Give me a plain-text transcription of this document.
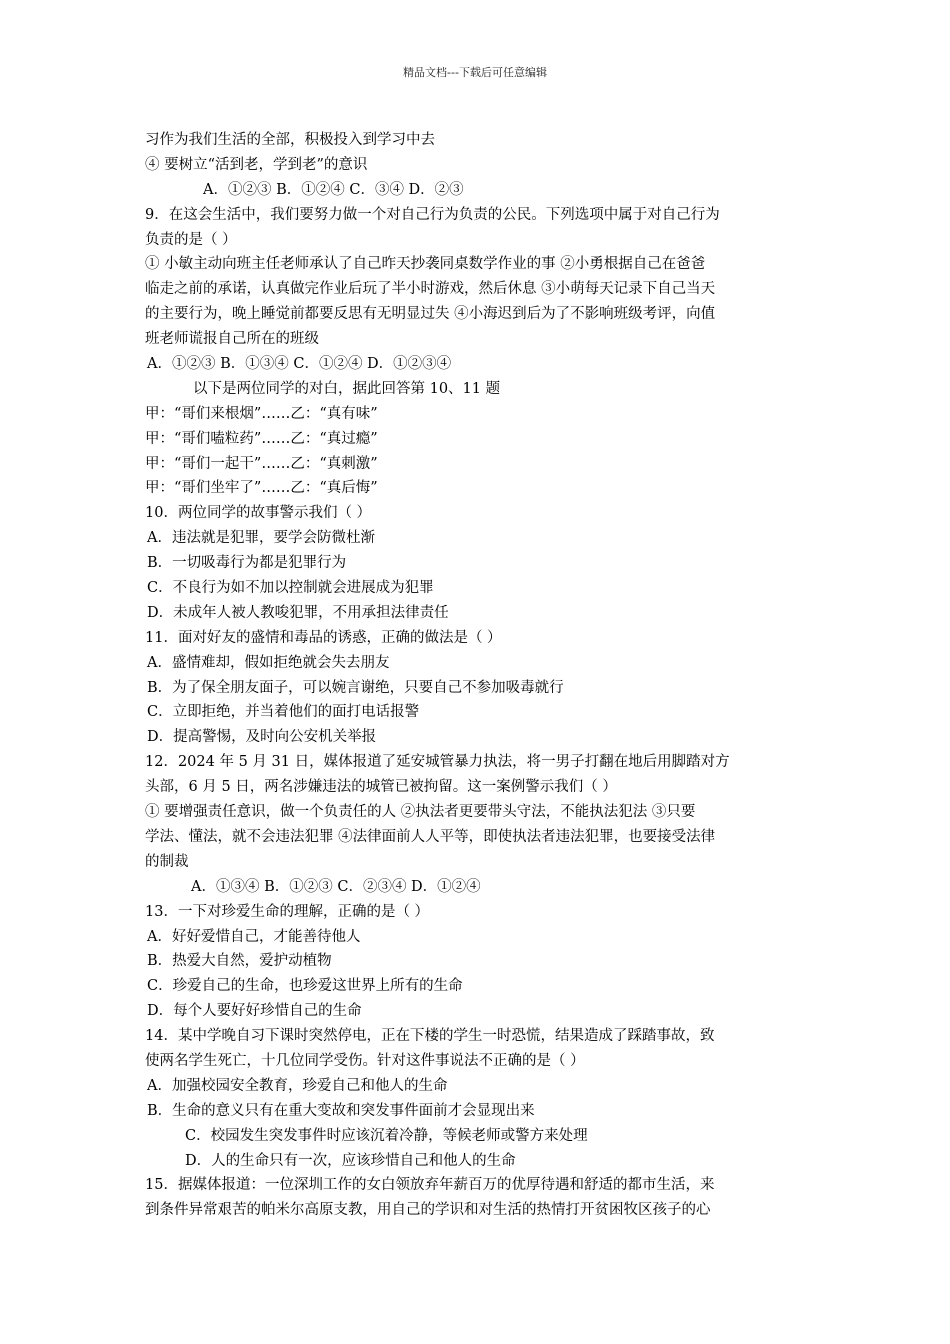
精品文档---下载后可任意编辑
习作为我们生活的全部，积极投入到学习中去
④ 要树立“活到老，学到老”的意识
A．①②③ B．①②④ C．③④ D．②③
9．在这会生活中，我们要努力做一个对自己行为负责的公民。下列选项中属于对自己行为
负责的是（ ）
① 小敏主动向班主任老师承认了自己昨天抄袭同桌数学作业的事 ②小勇根据自己在爸爸
临走之前的承诺，认真做完作业后玩了半小时游戏，然后休息 ③小萌每天记录下自己当天
的主要行为，晚上睡觉前都要反思有无明显过失 ④小海迟到后为了不影响班级考评，向值
班老师谎报自己所在的班级
A．①②③ B．①③④ C．①②④ D．①②③④
以下是两位同学的对白，据此回答第 10、11 题
甲：“哥们来根烟”……乙：“真有味”
甲：“哥们嗑粒药”……乙：“真过瘾”
甲：“哥们一起干”……乙：“真刺激”
甲：“哥们坐牢了”……乙：“真后悔”
10．两位同学的故事警示我们（ ）
A．违法就是犯罪，要学会防微杜渐
B．一切吸毒行为都是犯罪行为
C．不良行为如不加以控制就会进展成为犯罪
D．未成年人被人教唆犯罪，不用承担法律责任
11．面对好友的盛情和毒品的诱惑，正确的做法是（ ）
A．盛情难却，假如拒绝就会失去朋友
B．为了保全朋友面子，可以婉言谢绝，只要自己不参加吸毒就行
C．立即拒绝，并当着他们的面打电话报警
D．提高警惕，及时向公安机关举报
12．2024 年 5 月 31 日，媒体报道了延安城管暴力执法，将一男子打翻在地后用脚踏对方
头部，6 月 5 日，两名涉嫌违法的城管已被拘留。这一案例警示我们（ ）
① 要增强责任意识，做一个负责任的人 ②执法者更要带头守法，不能执法犯法 ③只要
学法、懂法，就不会违法犯罪 ④法律面前人人平等，即使执法者违法犯罪，也要接受法律
的制裁
A．①③④ B．①②③ C．②③④ D．①②④
13．一下对珍爱生命的理解，正确的是（ ）
A．好好爱惜自己，才能善待他人
B．热爱大自然，爱护动植物
C．珍爱自己的生命，也珍爱这世界上所有的生命
D．每个人要好好珍惜自己的生命
14．某中学晚自习下课时突然停电，正在下楼的学生一时恐慌，结果造成了踩踏事故，致
使两名学生死亡，十几位同学受伤。针对这件事说法不正确的是（ ）
A．加强校园安全教育，珍爱自己和他人的生命
B．生命的意义只有在重大变故和突发事件面前才会显现出来
C．校园发生突发事件时应该沉着冷静，等候老师或警方来处理
D．人的生命只有一次，应该珍惜自己和他人的生命
15．据媒体报道：一位深圳工作的女白领放弃年薪百万的优厚待遇和舒适的都市生活，来
到条件异常艰苦的帕米尔高原支教，用自己的学识和对生活的热情打开贫困牧区孩子的心
